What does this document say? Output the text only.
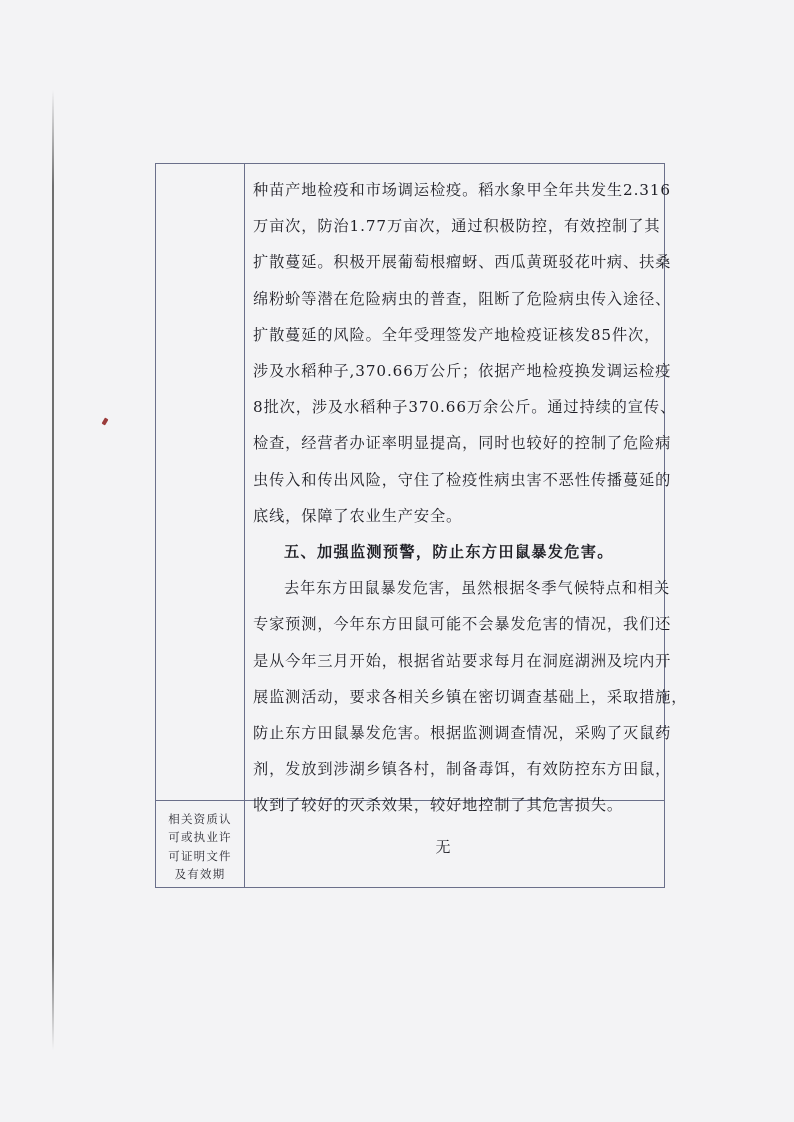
种苗产地检疫和市场调运检疫。稻水象甲全年共发生2.316

万亩次，防治1.77万亩次，通过积极防控，有效控制了其

扩散蔓延。积极开展葡萄根瘤蚜、西瓜黄斑驳花叶病、扶桑

绵粉蚧等潜在危险病虫的普查，阻断了危险病虫传入途径、

扩散蔓延的风险。全年受理签发产地检疫证核发85件次，

涉及水稻种子,370.66万公斤；依据产地检疫换发调运检疫

8批次，涉及水稻种子370.66万余公斤。通过持续的宣传、

检查，经营者办证率明显提高，同时也较好的控制了危险病

虫传入和传出风险，守住了检疫性病虫害不恶性传播蔓延的

底线，保障了农业生产安全。

五、加强监测预警，防止东方田鼠暴发危害。

去年东方田鼠暴发危害，虽然根据冬季气候特点和相关

专家预测，今年东方田鼠可能不会暴发危害的情况，我们还

是从今年三月开始，根据省站要求每月在洞庭湖洲及垸内开

展监测活动，要求各相关乡镇在密切调查基础上，采取措施，

防止东方田鼠暴发危害。根据监测调查情况，采购了灭鼠药

剂，发放到涉湖乡镇各村，制备毒饵，有效防控东方田鼠，

收到了较好的灭杀效果，较好地控制了其危害损失。

相关资质认
可或执业许
可证明文件
及有效期
无
